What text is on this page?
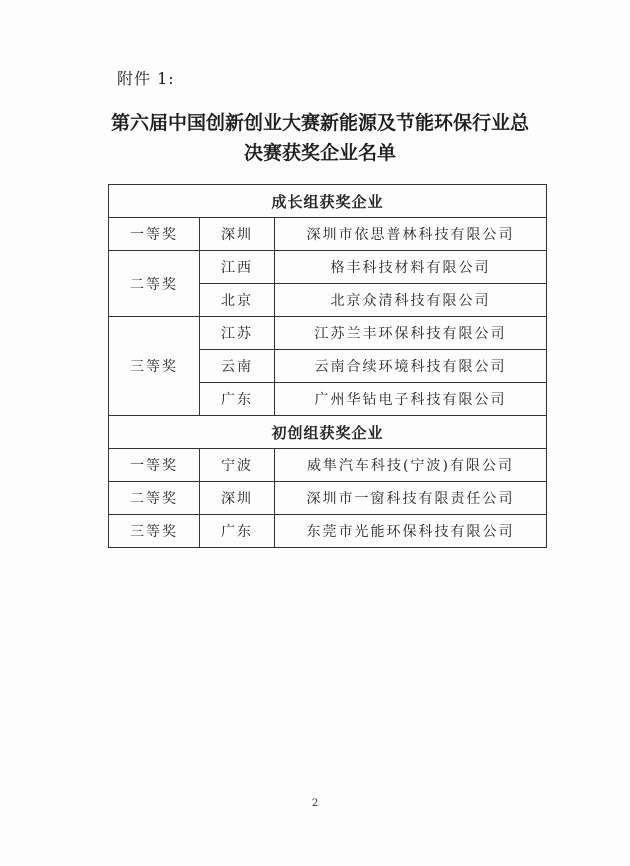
附件 1:
第六届中国创新创业大赛新能源及节能环保行业总
决赛获奖企业名单
成长组获奖企业		
一等奖	深圳	深圳市依思普林科技有限公司
二等奖	江西	格丰科技材料有限公司
	北京	北京众清科技有限公司
三等奖	江苏	江苏兰丰环保科技有限公司
	云南	云南合续环境科技有限公司
	广东	广州华钻电子科技有限公司
初创组获奖企业		
一等奖	宁波	威隼汽车科技(宁波)有限公司
二等奖	深圳	深圳市一窗科技有限责任公司
三等奖	广东	东莞市光能环保科技有限公司
2
